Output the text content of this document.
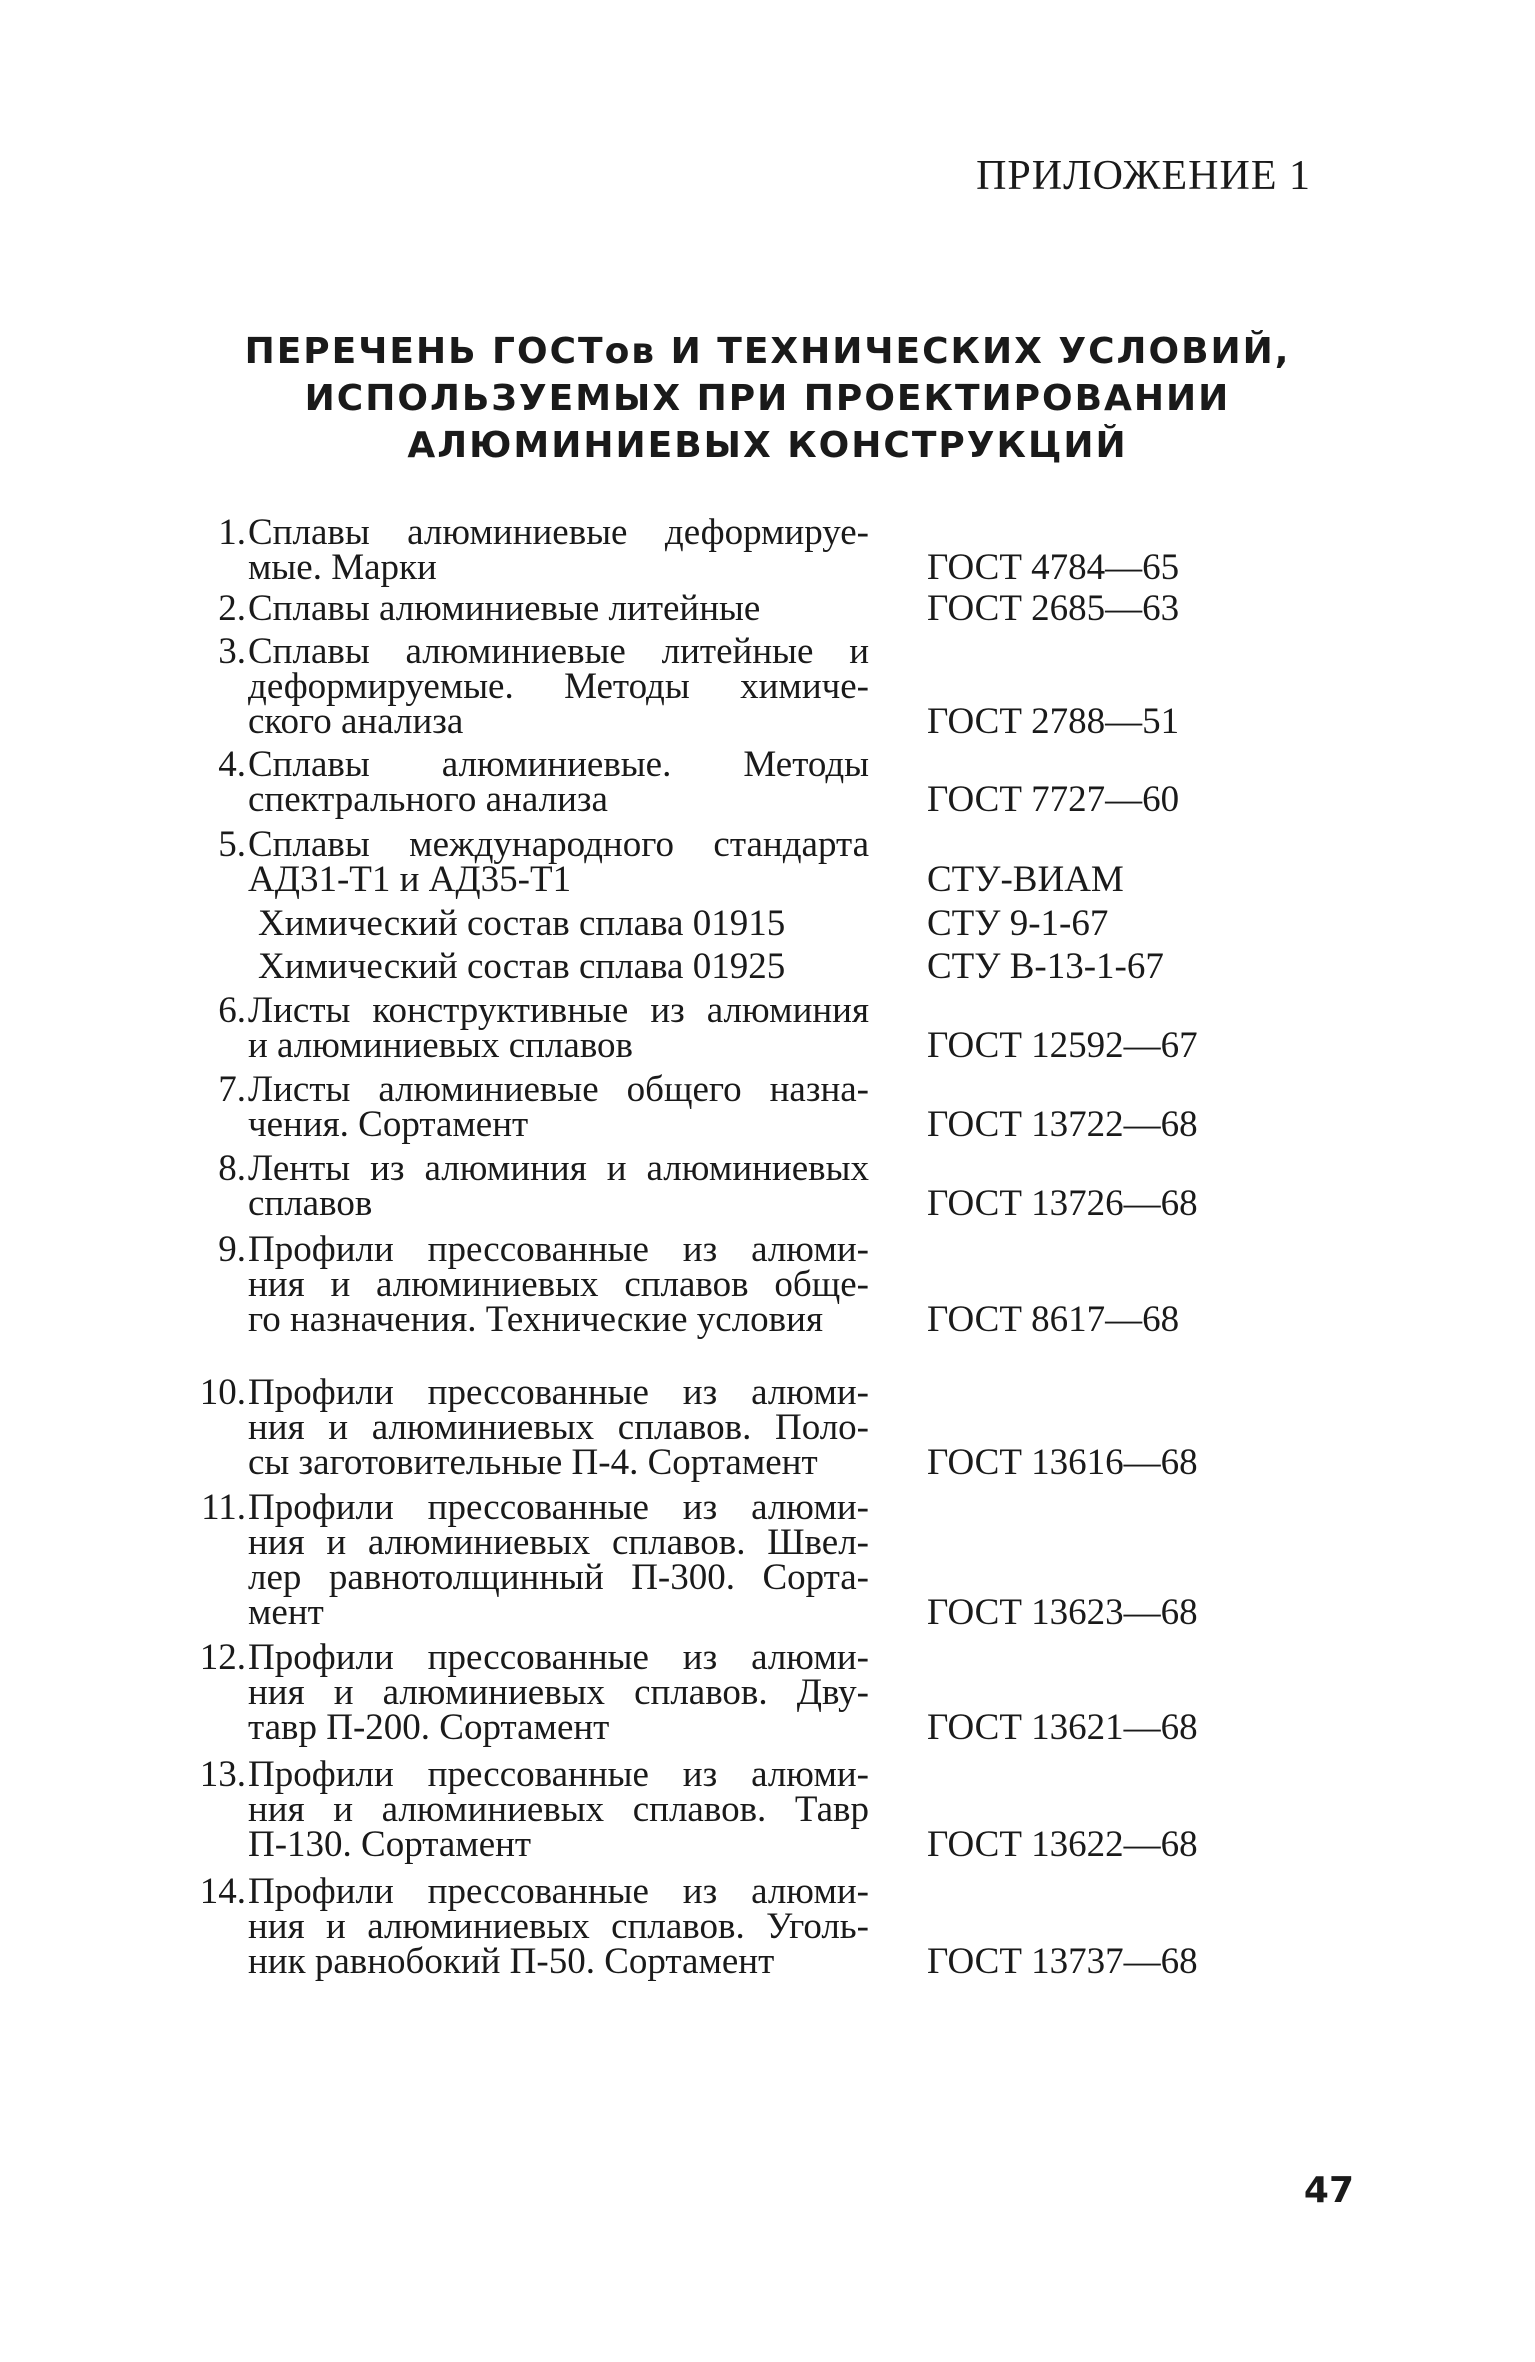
ПРИЛОЖЕНИЕ 1
ПЕРЕЧЕНЬ ГОСТов И ТЕХНИЧЕСКИХ УСЛОВИЙ,
ИСПОЛЬЗУЕМЫХ ПРИ ПРОЕКТИРОВАНИИ
АЛЮМИНИЕВЫХ КОНСТРУКЦИЙ
1. Сплавы алюминиевые деформируе-
мые. Марки	ГОСТ 4784—65
2. Сплавы алюминиевые литейные	ГОСТ 2685—63
3. Сплавы алюминиевые литейные и
деформируемые. Методы химиче-
ского анализа	ГОСТ 2788—51
4. Сплавы алюминиевые. Методы
спектрального анализа	ГОСТ 7727—60
5. Сплавы международного стандарта
АД31-Т1 и АД35-Т1	СТУ-ВИАМ
Химический состав сплава 01915	СТУ 9-1-67
Химический состав сплава 01925	СТУ В-13-1-67
6. Листы конструктивные из алюминия
и алюминиевых сплавов	ГОСТ 12592—67
7. Листы алюминиевые общего назна-
чения. Сортамент	ГОСТ 13722—68
8. Ленты из алюминия и алюминиевых
сплавов	ГОСТ 13726—68
9. Профили прессованные из алюми-
ния и алюминиевых сплавов обще-
го назначения. Технические условия	ГОСТ 8617—68
10. Профили прессованные из алюми-
ния и алюминиевых сплавов. Поло-
сы заготовительные П-4. Сортамент	ГОСТ 13616—68
11. Профили прессованные из алюми-
ния и алюминиевых сплавов. Швел-
лер равнотолщинный П-300. Сорта-
мент	ГОСТ 13623—68
12. Профили прессованные из алюми-
ния и алюминиевых сплавов. Дву-
тавр П-200. Сортамент	ГОСТ 13621—68
13. Профили прессованные из алюми-
ния и алюминиевых сплавов. Тавр
П-130. Сортамент	ГОСТ 13622—68
14. Профили прессованные из алюми-
ния и алюминиевых сплавов. Уголь-
ник равнобокий П-50. Сортамент	ГОСТ 13737—68
47
